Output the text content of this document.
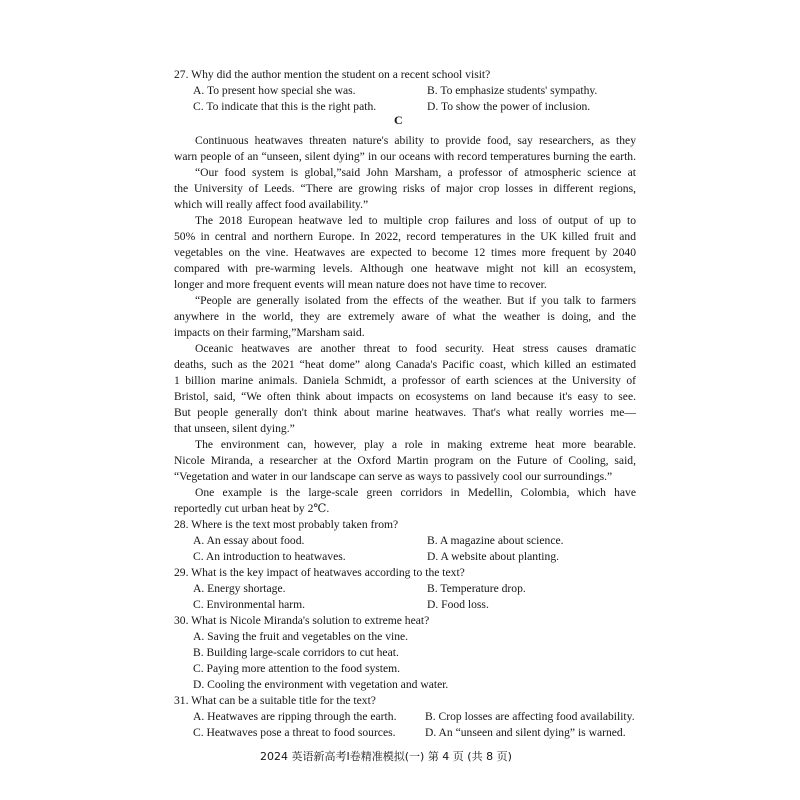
27. Why did the author mention the student on a recent school visit?
A. To present how special she was.	B. To emphasize students' sympathy.
C. To indicate that this is the right path.	D. To show the power of inclusion.
C
Continuous heatwaves threaten nature's ability to provide food, say researchers, as they
warn people of an “unseen, silent dying” in our oceans with record temperatures burning the earth.
“Our food system is global,”said John Marsham, a professor of atmospheric science at
the University of Leeds. “There are growing risks of major crop losses in different regions,
which will really affect food availability.”
The 2018 European heatwave led to multiple crop failures and loss of output of up to
50% in central and northern Europe. In 2022, record temperatures in the UK killed fruit and
vegetables on the vine. Heatwaves are expected to become 12 times more frequent by 2040
compared with pre-warming levels. Although one heatwave might not kill an ecosystem,
longer and more frequent events will mean nature does not have time to recover.
“People are generally isolated from the effects of the weather. But if you talk to farmers
anywhere in the world, they are extremely aware of what the weather is doing, and the
impacts on their farming,”Marsham said.
Oceanic heatwaves are another threat to food security. Heat stress causes dramatic
deaths, such as the 2021 “heat dome” along Canada's Pacific coast, which killed an estimated
1 billion marine animals. Daniela Schmidt, a professor of earth sciences at the University of
Bristol, said, “We often think about impacts on ecosystems on land because it's easy to see.
But people generally don't think about marine heatwaves. That's what really worries me—
that unseen, silent dying.”
The environment can, however, play a role in making extreme heat more bearable.
Nicole Miranda, a researcher at the Oxford Martin program on the Future of Cooling, said,
“Vegetation and water in our landscape can serve as ways to passively cool our surroundings.”
One example is the large-scale green corridors in Medellin, Colombia, which have
reportedly cut urban heat by 2℃.
28. Where is the text most probably taken from?
A. An essay about food.	B. A magazine about science.
C. An introduction to heatwaves.	D. A website about planting.
29. What is the key impact of heatwaves according to the text?
A. Energy shortage.	B. Temperature drop.
C. Environmental harm.	D. Food loss.
30. What is Nicole Miranda's solution to extreme heat?
A. Saving the fruit and vegetables on the vine.
B. Building large-scale corridors to cut heat.
C. Paying more attention to the food system.
D. Cooling the environment with vegetation and water.
31. What can be a suitable title for the text?
A. Heatwaves are ripping through the earth. B. Crop losses are affecting food availability.
C. Heatwaves pose a threat to food sources.	D. An “unseen and silent dying” is warned.
2024 英语新高考Ⅰ卷精准模拟(一) 第 4 页 (共 8 页)
